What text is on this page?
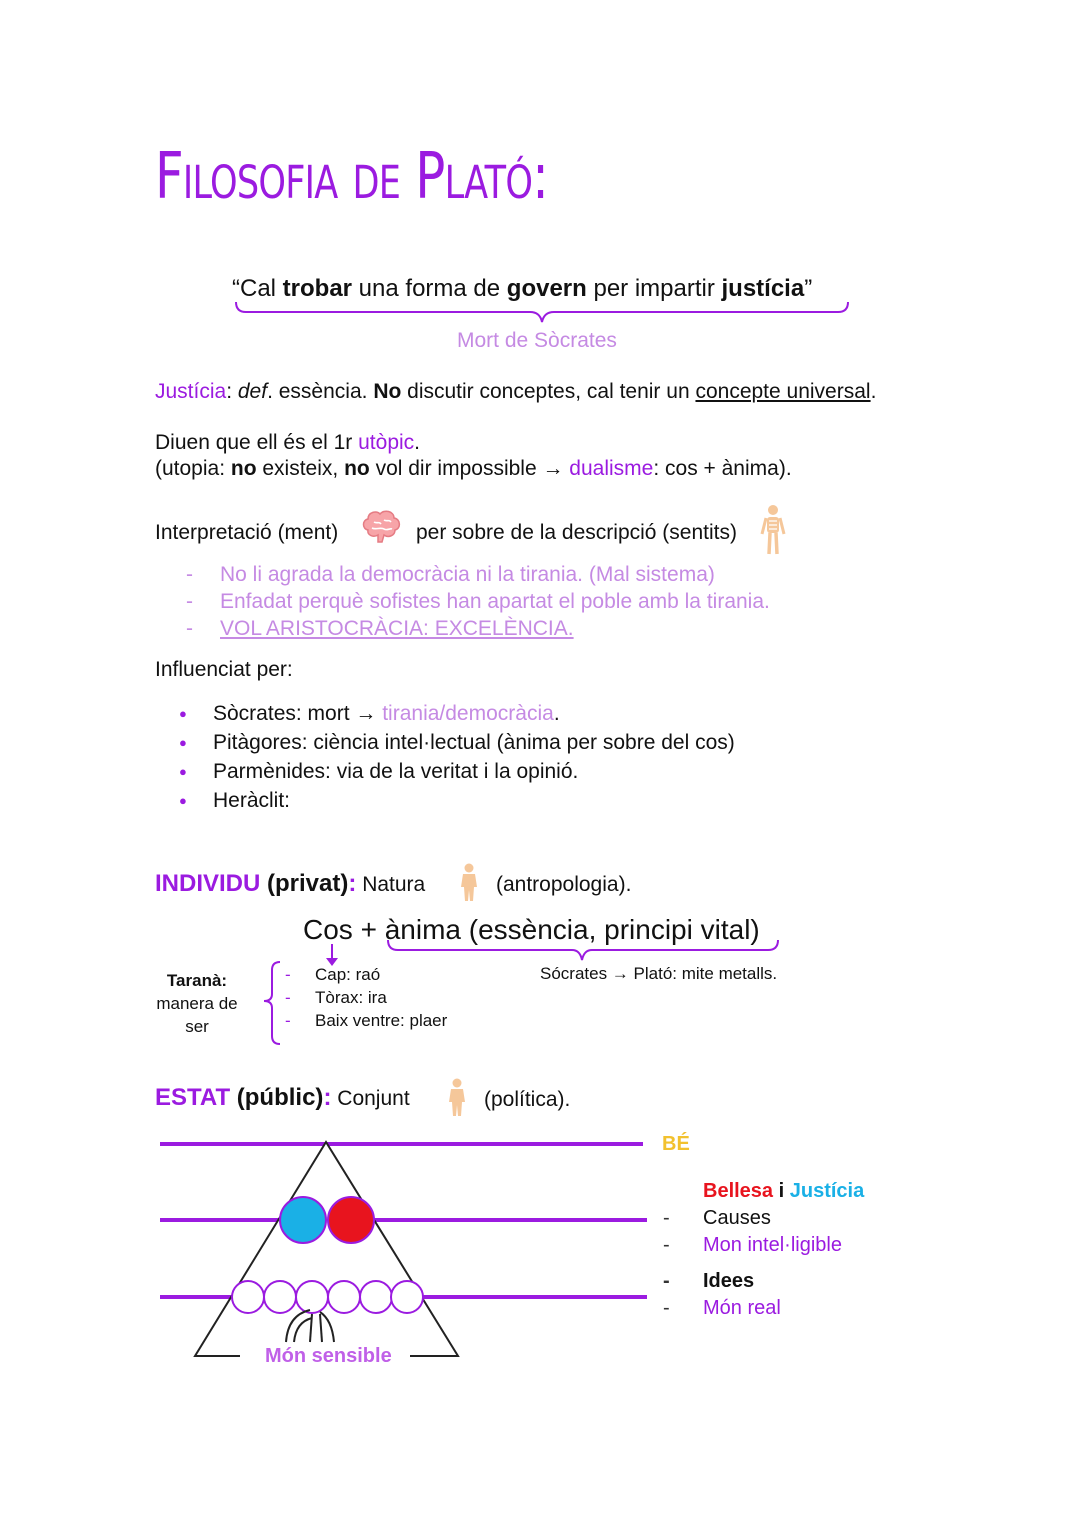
Filosofia de Plató:
“Cal trobar una forma de govern per impartir justícia”
Mort de Sòcrates
Justícia: def. essència. No discutir conceptes, cal tenir un concepte universal.
Diuen que ell és el 1r utòpic.
(utopia: no existeix, no vol dir impossible → dualisme: cos + ànima).
Interpretació (ment)	per sobre de la descripció (sentits)
- No li agrada la democràcia ni la tirania. (Mal sistema)
- Enfadat perquè sofistes han apartat el poble amb la tirania.
- VOL ARISTOCRÀCIA: EXCELÈNCIA.
Influenciat per:
● Sòcrates: mort → tirania/democràcia.
● Pitàgores: ciència intel·lectual (ànima per sobre del cos)
● Parmènides: via de la veritat i la opinió.
● Heràclit:
INDIVIDU (privat): Natura	(antropologia).
Cos + ànima (essència, principi vital)
Taranà:
manera de
ser
- Cap: raó
- Tòrax: ira
- Baix ventre: plaer
Sócrates → Plató: mite metalls.
ESTAT (públic): Conjunt	(política).
Món sensible
BÉ
Bellesa i Justícia
- Causes
- Mon intel·ligible
- Idees
- Món real
